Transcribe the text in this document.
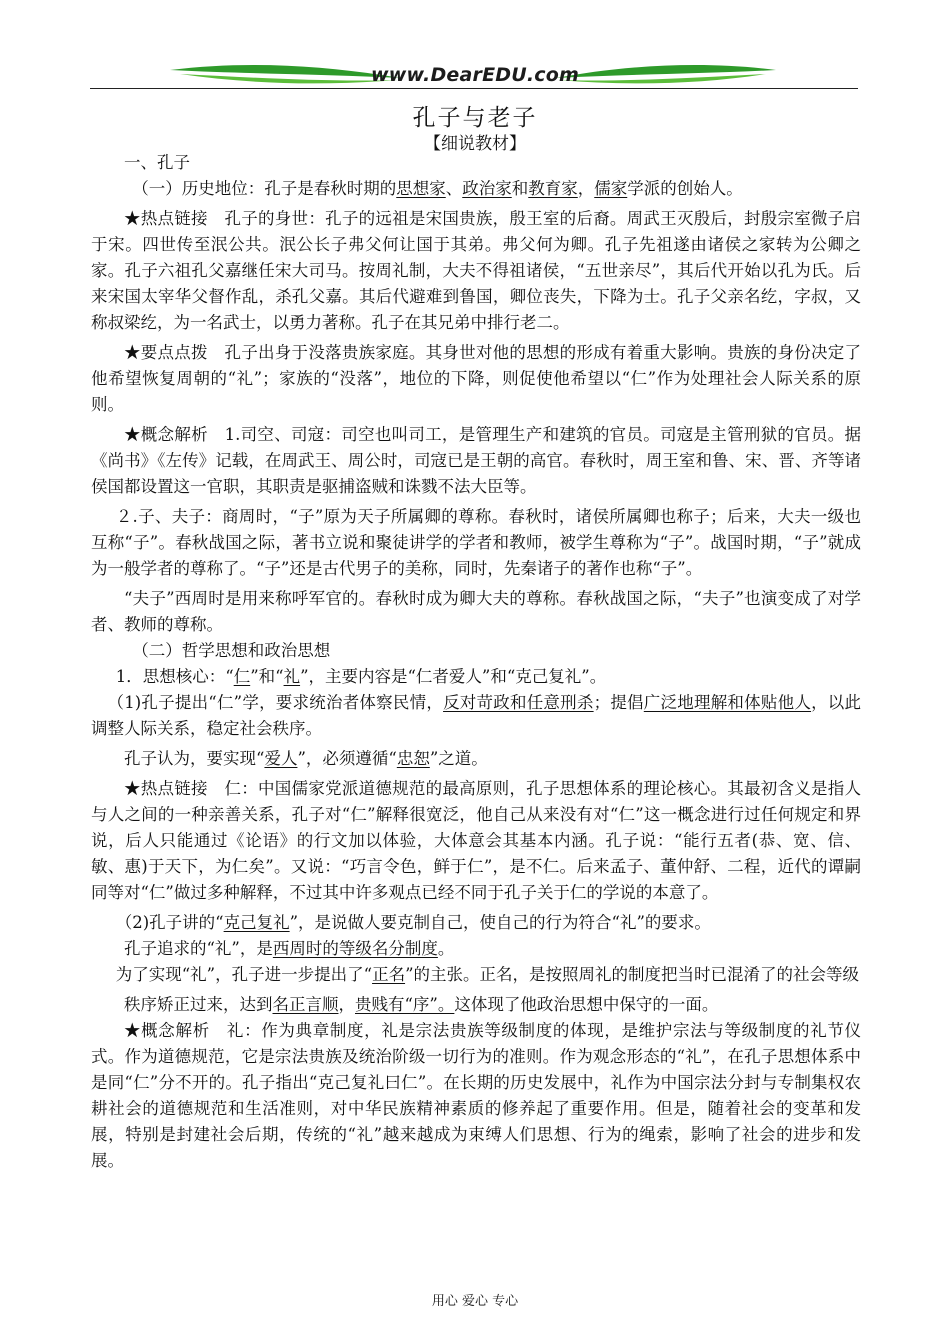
www.DearEDU.com
孔子与老子
【细说教材】

一、孔子

（一）历史地位：孔子是春秋时期的思想家、政治家和教育家，儒家学派的创始人。

★热点链接　孔子的身世：孔子的远祖是宋国贵族，殷王室的后裔。周武王灭殷后，封殷宗室微子启于宋。四世传至泯公共。泯公长子弗父何让国于其弟。弗父何为卿。孔子先祖遂由诸侯之家转为公卿之家。孔子六祖孔父嘉继任宋大司马。按周礼制，大夫不得祖诸侯，“五世亲尽”，其后代开始以孔为氏。后来宋国太宰华父督作乱，杀孔父嘉。其后代避难到鲁国，卿位丧失，下降为士。孔子父亲名纥，字叔，又称叔梁纥，为一名武士，以勇力著称。孔子在其兄弟中排行老二。

★要点点拨　孔子出身于没落贵族家庭。其身世对他的思想的形成有着重大影响。贵族的身份决定了他希望恢复周朝的“礼”；家族的“没落”，地位的下降，则促使他希望以“仁”作为处理社会人际关系的原则。

★概念解析　1.司空、司寇：司空也叫司工，是管理生产和建筑的官员。司寇是主管刑狱的官员。据《尚书》《左传》记载，在周武王、周公时，司寇已是王朝的高官。春秋时，周王室和鲁、宋、晋、齐等诸侯国都设置这一官职，其职责是驱捕盗贼和诛戮不法大臣等。

２.子、夫子：商周时，“子”原为天子所属卿的尊称。春秋时，诸侯所属卿也称子；后来，大夫一级也互称“子”。春秋战国之际，著书立说和聚徒讲学的学者和教师，被学生尊称为“子”。战国时期，“子”就成为一般学者的尊称了。“子”还是古代男子的美称，同时，先秦诸子的著作也称“子”。

“夫子”西周时是用来称呼军官的。春秋时成为卿大夫的尊称。春秋战国之际，“夫子”也演变成了对学者、教师的尊称。

（二）哲学思想和政治思想

1．思想核心：“仁”和“礼”，主要内容是“仁者爱人”和“克己复礼”。

（1)孔子提出“仁”学，要求统治者体察民情，反对苛政和任意刑杀；提倡广泛地理解和体贴他人，以此调整人际关系，稳定社会秩序。

孔子认为，要实现“爱人”，必须遵循“忠恕”之道。

★热点链接　仁：中国儒家党派道德规范的最高原则，孔子思想体系的理论核心。其最初含义是指人与人之间的一种亲善关系，孔子对“仁”解释很宽泛，他自己从来没有对“仁”这一概念进行过任何规定和界说，后人只能通过《论语》的行文加以体验，大体意会其基本内涵。孔子说：“能行五者(恭、宽、信、敏、惠)于天下，为仁矣”。又说：“巧言令色，鲜于仁”，是不仁。后来孟子、董仲舒、二程，近代的谭嗣同等对“仁”做过多种解释，不过其中许多观点已经不同于孔子关于仁的学说的本意了。

（2)孔子讲的“克己复礼”，是说做人要克制自己，使自己的行为符合“礼”的要求。

孔子追求的“礼”，是西周时的等级名分制度。

为了实现“礼”，孔子进一步提出了“正名”的主张。正名，是按照周礼的制度把当时已混淆了的社会等级

秩序矫正过来，达到名正言顺，贵贱有“序”。这体现了他政治思想中保守的一面。

★概念解析　礼：作为典章制度，礼是宗法贵族等级制度的体现，是维护宗法与等级制度的礼节仪式。作为道德规范，它是宗法贵族及统治阶级一切行为的准则。作为观念形态的“礼”，在孔子思想体系中是同“仁”分不开的。孔子指出“克己复礼曰仁”。在长期的历史发展中，礼作为中国宗法分封与专制集权农耕社会的道德规范和生活准则，对中华民族精神素质的修养起了重要作用。但是，随着社会的变革和发展，特别是封建社会后期，传统的“礼”越来越成为束缚人们思想、行为的绳索，影响了社会的进步和发展。

用心 爱心 专心
